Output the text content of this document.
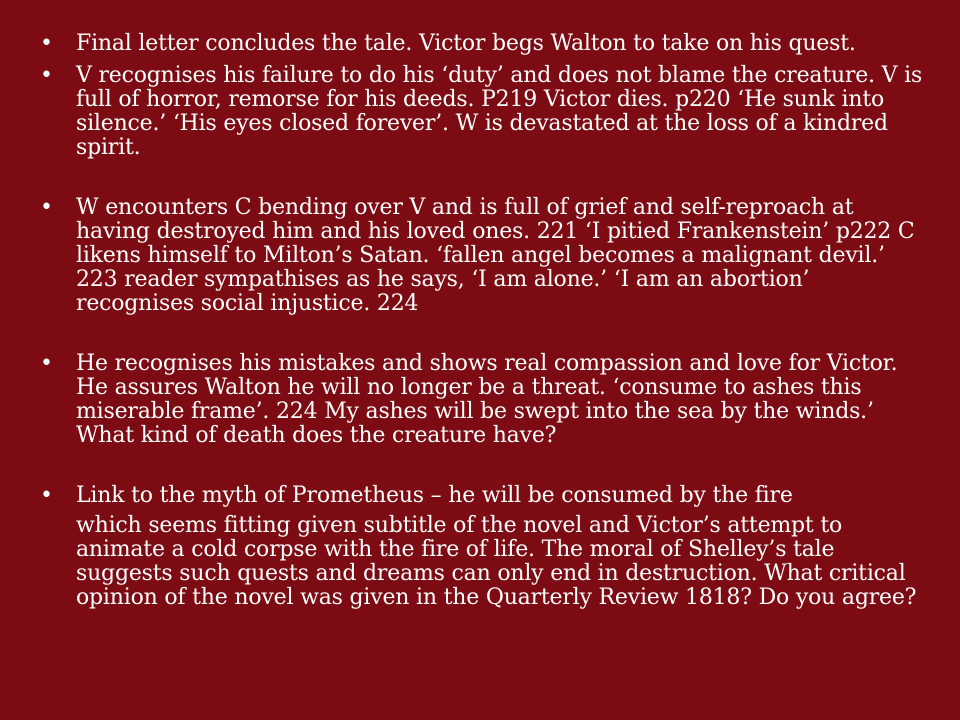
• Final letter concludes the tale. Victor begs Walton to take on his quest.
• V recognises his failure to do his ‘duty’ and does not blame the creature. V is full of horror, remorse for his deeds. P219 Victor dies. p220 ‘He sunk into silence.’ ‘His eyes closed forever’. W is devastated at the loss of a kindred spirit.
• W encounters C bending over V and is full of grief and self-reproach at having destroyed him and his loved ones. 221 ‘I pitied Frankenstein’ p222 C likens himself to Milton’s Satan. ‘fallen angel becomes a malignant devil.’ 223 reader sympathises as he says, ‘I am alone.’ ‘I am an abortion’ recognises social injustice. 224
• He recognises his mistakes and shows real compassion and love for Victor. He assures Walton he will no longer be a threat. ‘consume to ashes this miserable frame’. 224 My ashes will be swept into the sea by the winds.’ What kind of death does the creature have?
• Link to the myth of Prometheus – he will be consumed by the fire
which seems fitting given subtitle of the novel and Victor’s attempt to animate a cold corpse with the fire of life. The moral of Shelley’s tale suggests such quests and dreams can only end in destruction. What critical opinion of the novel was given in the Quarterly Review 1818? Do you agree?
